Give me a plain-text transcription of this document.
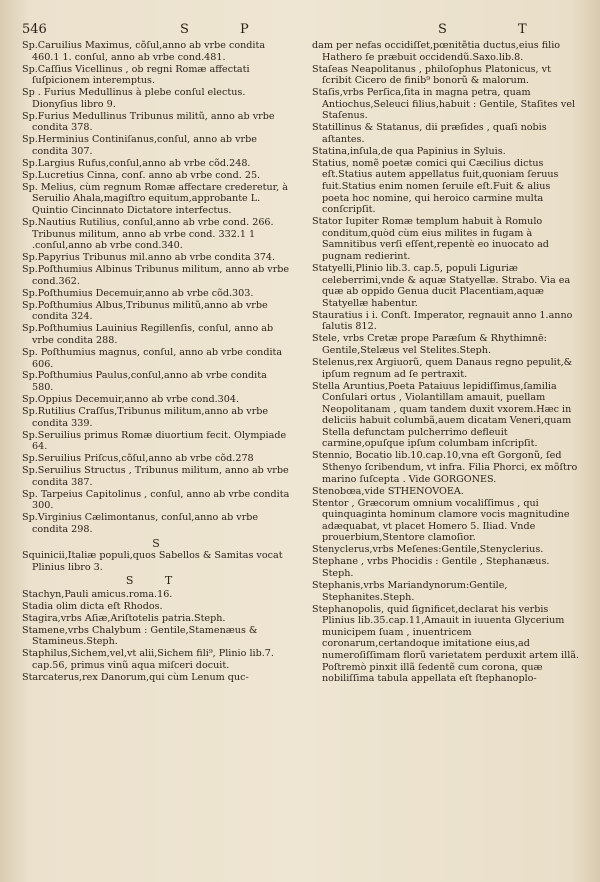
546	S	P	S	T
Sp.Caruilius Maximus, cõſul,anno ab vrbe condita 460.1 1. conſul, anno ab vrbe cond.481.
Sp.Caſſius Vicellinus , ob regni Romæ affectati ſuſpicionem interemptus.
Sp . Furius Medullinus à plebe conſul electus. Dionyſius libro 9.
Sp.Furius Medullinus Tribunus militũ, anno ab vrbe condita 378.
Sp.Herminius Continiſanus,conſul, anno ab vrbe condita 307.
Sp.Largius Rufus,conſul,anno ab vrbe cõd.248.
Sp.Lucretius Cinna, conſ. anno ab vrbe cond. 25.
Sp. Melius, cùm regnum Romæ affectare crederetur, à Seruilio Ahala,magiſtro equitum,approbante L. Quintio Cincinnato Dictatore interfectus.
Sp.Nautius Rutilius, conſul,anno ab vrbe cond. 266. Tribunus militum, anno ab vrbe cond. 332.1 1 .conſul,anno ab vrbe cond.340.
Sp.Papyrius Tribunus mil.anno ab vrbe condita 374.
Sp.Poſthumius Albinus Tribunus militum, anno ab vrbe cond.362.
Sp.Poſthumius Decemuir,anno ab vrbe cõd.303.
Sp.Poſthumius Albus,Tribunus militũ,anno ab vrbe condita 324.
Sp.Poſthumius Lauinius Regillenſis, conſul, anno ab vrbe condita 288.
Sp. Poſthumius magnus, conſul, anno ab vrbe condita 606.
Sp.Poſthumius Paulus,conſul,anno ab vrbe condita 580.
Sp.Oppius Decemuir,anno ab vrbe cond.304.
Sp.Rutilius Craſſus,Tribunus militum,anno ab vrbe condita 339.
Sp.Seruilius primus Romæ diuortium fecit. Olympiade 64.
Sp.Seruilius Priſcus,cõſul,anno ab vrbe cõd.278
Sp.Seruilius Structus , Tribunus militum, anno ab vrbe condita 387.
Sp. Tarpeius Capitolinus , conſul, anno ab vrbe condita 300.
Sp.Virginius Cælimontanus, conſul,anno ab vrbe condita 298.
S
Squinicii,Italiæ populi,quos Sabellos & Samitas vocat Plinius libro 3.
S T
Stachyn,Pauli amicus.roma.16.
Stadia olim dicta eſt Rhodos.
Stagira,vrbs Aſiæ,Ariſtotelis patria.Steph.
Stamene,vrbs Chalybum : Gentile,Stamenæus & Stamineus.Steph.
Staphilus,Sichem,vel,vt alii,Sichem fili⁹, Plinio lib.7. cap.56, primus vinũ aqua miſceri docuit.
Starcaterus,rex Danorum,qui cùm Lenum quc-
dam per nefas occidiſſet,pœnitẽtia ductus,eius filio Hathero ſe præbuit occidendũ.Saxo.lib.8.
Staſeas Neapolitanus , philoſophus Platonicus, vt ſcribit Cicero de finib⁹ bonorũ & malorum.
Staſis,vrbs Perſica,ſita in magna petra, quam Antiochus,Seleuci filius,habuit : Gentile, Staſites vel Staſenus.
Statillinus & Statanus, dii præſides , quaſi nobis aſtantes.
Statina,inſula,de qua Papinius in Syluis.
Statius, nomẽ poetæ comici qui Cæcilius dictus eſt.Statius autem appellatus fuit,quoniam ſeruus fuit.Statius enim nomen ſeruile eſt.Fuit & alius poeta hoc nomine, qui heroico carmine multa conſcripſit.
Stator Iupiter Romæ templum habuit à Romulo conditum,quòd cùm eius milites in fugam à Samnitibus verſi eſſent,repentè eo inuocato ad pugnam redierint.
Statyelli,Plinio lib.3. cap.5, populi Liguriæ celeberrimi,vnde & aquæ Statyellæ. Strabo. Via ea quæ ab oppido Genua ducit Placentiam,aquæ Statyellæ habentur.
Stauratius i i. Conſt. Imperator, regnauit anno 1.anno ſalutis 812.
Stele, vrbs Cretæ prope Paræſum & Rhythimnē: Gentile,Stelæus vel Stelites.Steph.
Stelenus,rex Argiuorũ, quem Danaus regno pepulit,& ipſum regnum ad ſe pertraxit.
Stella Aruntius,Poeta Pataiuus lepidiſſimus,ſamilia Conſulari ortus , Violantillam amauit, puellam Neopolitanam , quam tandem duxit vxorem.Hæc in deliciis habuit columbã,auem dicatam Veneri,quam Stella defunctam pulcherrimo defleuit carmine,opuſque ipſum columbam inſcripſit.
Stennio, Bocatio lib.10.cap.10,vna eſt Gorgonũ, ſed Sthenyo ſcribendum, vt infra. Filia Phorci, ex mõſtro marino ſuſcepta . Vide GORGONES.
Stenobœa,vide STHENOVOEA.
Stentor , Græcorum omnium vocaliſſimus , qui quinquaginta hominum clamore vocis magnitudine adæquabat, vt placet Homero 5. Iliad. Vnde prouerbium,Stentore clamoſior.
Stenyclerus,vrbs Meſenes:Gentile,Stenyclerius.
Stephane , vrbs Phocidis : Gentile , Stephanæus. Steph.
Stephanis,vrbs Mariandynorum:Gentile, Stephanites.Steph.
Stephanopolis, quid ſignificet,declarat his verbis Plinius lib.35.cap.11,Amauit in iuuenta Glycerium municipem ſuam , inuentricem coronarum,certandoque imitatione eius,ad numeroſiſſimam florũ varietatem perduxit artem illã. Poſtremò pinxit illã ſedentẽ cum corona, quæ nobiliſſima tabula appellata eſt ſtephanoplo-
